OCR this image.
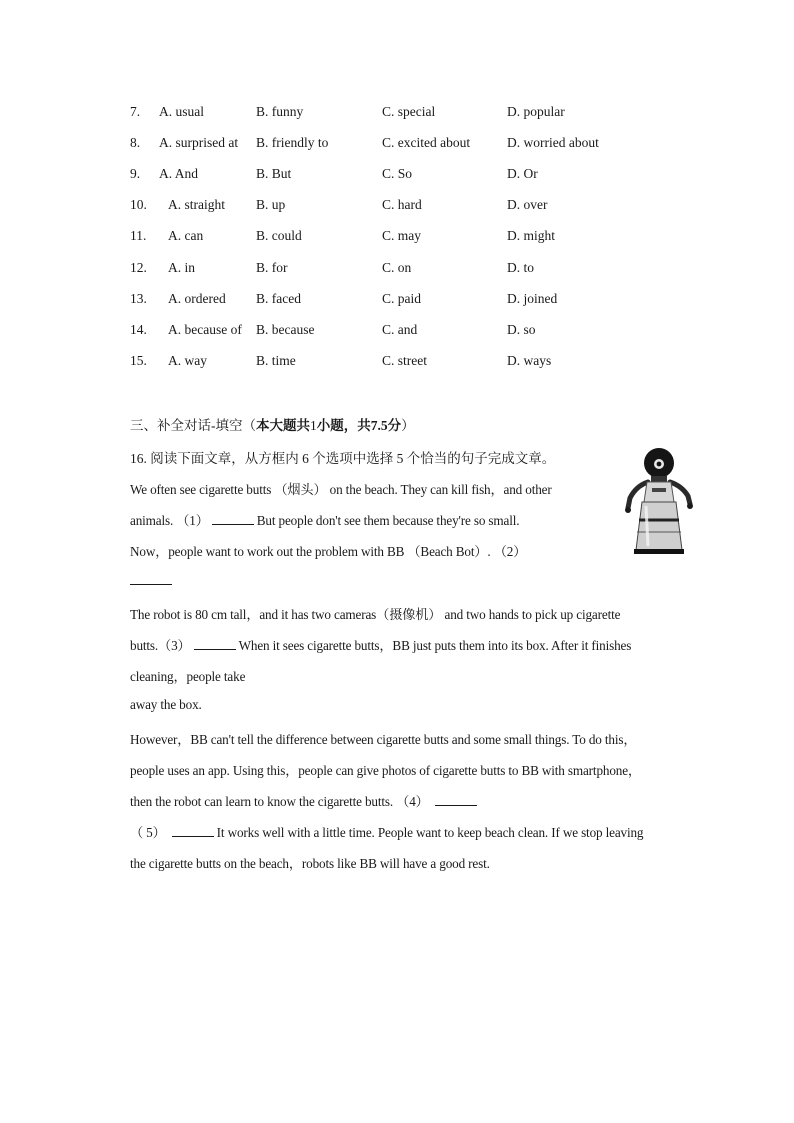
7. A. usual	B. funny	C. special	D. popular
8. A. surprised at B. friendly to	C. excited about	D. worried about
9. A. And	B. But	C. So	D. Or
10. A. straight B. up	C. hard	D. over
11. A. can	B. could	C. may	D. might
12. A. in	B. for	C. on	D. to
13. A. ordered B. faced	C. paid	D. joined
14. A. because of B. because	C. and	D. so
15. A. way	B. time	C. street	D. ways
三、补全对话-填空（本大题共1小题，共7.5分）
16. 阅读下面文章，从方框内 6 个选项中选择 5 个恰当的句子完成文章。
We often see cigarette butts （烟头） on the beach. They can kill fish，and other
animals. （1）	But people don't see them because they're so small.
Now，people want to work out the problem with BB （Beach Bot）. （2）
The robot is 80 cm tall，and it has two cameras（摄像机） and two hands to pick up cigarette
butts.（3）	When it sees cigarette butts，BB just puts them into its box. After it finishes
cleaning，people take
away the box.
However，BB can't tell the difference between cigarette butts and some small things. To do this，
people uses an app. Using this，people can give photos of cigarette butts to BB with smartphone，
then the robot can learn to know the cigarette butts. （4）
（ 5）	It works well with a little time. People want to keep beach clean. If we stop leaving
the cigarette butts on the beach，robots like BB will have a good rest.
